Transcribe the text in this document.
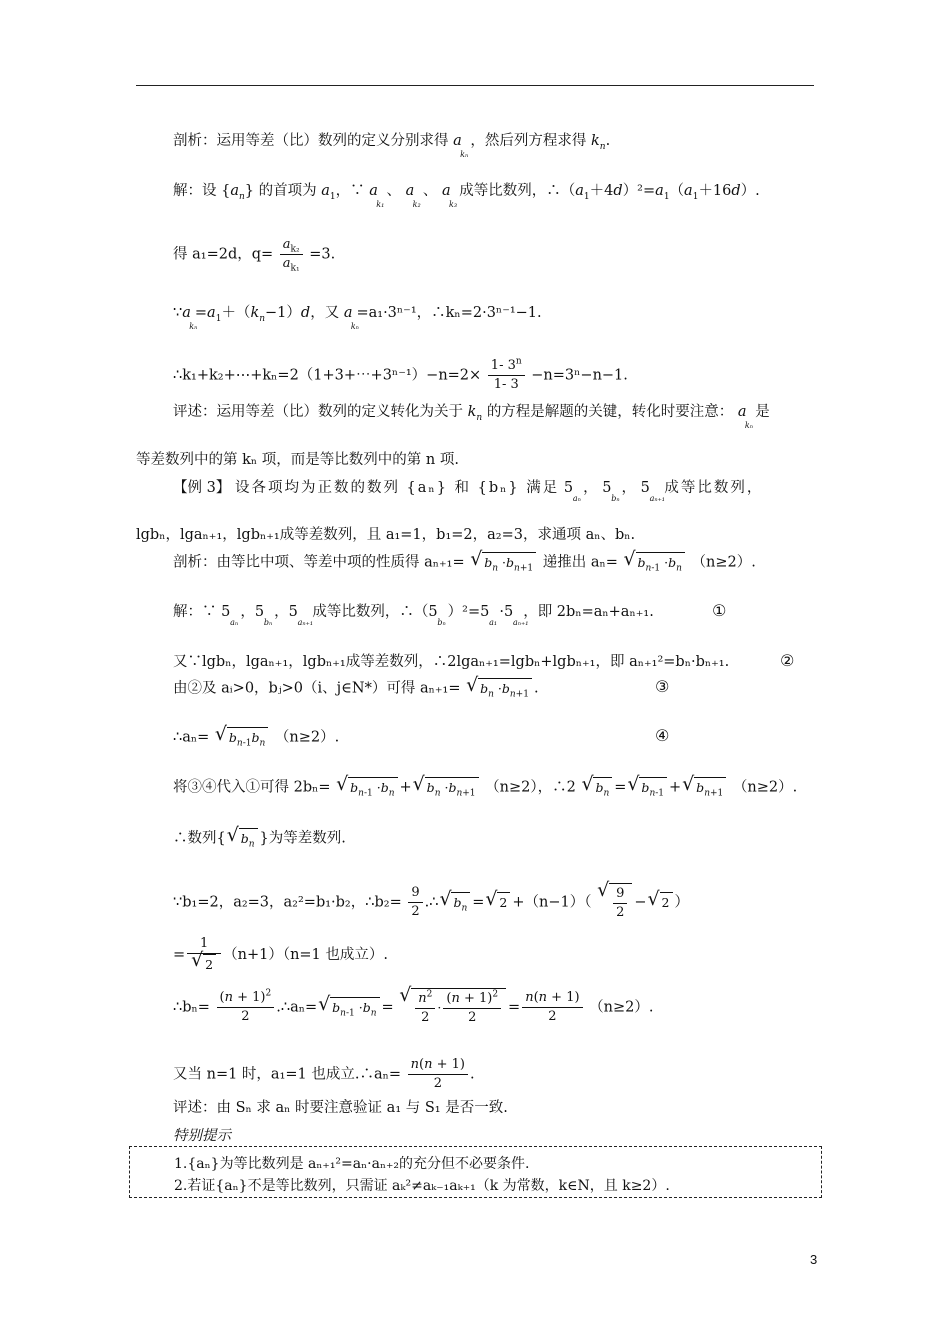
剖析：运用等差（比）数列的定义分别求得 a
kₙ
，然后列方程求得 $k_n$.
解：设 $\{a_n\}$ 的首项为 $a_1$，∵ a
k₁
、 a
k₂
、 a
k₃
成等比数列，$\therefore(a_1+4d)^2=a_1(a_1+16d)$.
得 a₁=2d，$q= \frac{a_{k_2}}{a_{k_1}} =3$.
∵a
kₙ
$=a_1+(k_n-1)d$，又 a
kₙ
=a₁·3ⁿ⁻¹，∴kₙ=2·3ⁿ⁻¹−1.
∴k₁+k₂+⋯+kₙ=2（1+3+⋯+3ⁿ⁻¹）−n=2× $\frac{1- 3^n}{1- 3} -n=3^n-n-1$.
评述：运用等差（比）数列的定义转化为关于 $k_n$ 的方程是解题的关键，转化时要注意： a
kₙ
是
等差数列中的第 kₙ 项，而是等比数列中的第 n 项.
【例 3】 设各项均为正数的数列 {aₙ} 和 {bₙ} 满足 5
aₙ
， 5
bₙ
， 5
aₙ₊₁
成等比数列，
lgbₙ，lgaₙ₊₁，lgbₙ₊₁成等差数列，且 a₁=1，b₁=2，a₂=3，求通项 aₙ、bₙ.
剖析：由等比中项、等差中项的性质得 aₙ₊₁= √ $b_n \cdot b_{n+1}$ 递推出 aₙ= √ $b_{n-1} \cdot b_n$ （n≥2）.
解：∵ 5
aₙ
，5
bₙ
，5
aₙ₊₁
成等比数列，∴（5
bₙ
）²=5
a₁
·5
aₙ₊₁
，即 2bₙ=aₙ+aₙ₊₁.	①
又∵lgbₙ，lgaₙ₊₁，lgbₙ₊₁成等差数列，∴2lgaₙ₊₁=lgbₙ+lgbₙ₊₁，即 aₙ₊₁²=bₙ·bₙ₊₁.	②
由②及 aᵢ>0，bⱼ>0（i、j∈N*）可得 aₙ₊₁= √ $b_n \cdot b_{n+1}$ .	③
∴aₙ= √ $b_{n-1}b_n$ （n≥2）.	④
将③④代入①可得 2bₙ= √ $b_{n-1} \cdot b_n$ + √ $b_n \cdot b_{n+1}$ （n≥2），∴2 √ $b_n$ = √ $b_{n-1}$ + √ $b_{n+1}$ （n≥2）.
∴数列{ √ $b_n$ }为等差数列.
∵b₁=2，a₂=3，a₂²=b₁·b₂，∴b₂= $\frac{9}{2}$ .∴ √ $b_n$ = √ 2 +（n−1）（ √ $\frac{9}{2}$ − √ 2 ）
= 1
√ 2 （n+1）（n=1 也成立）.
∴bₙ= $\frac{(n + 1)^2}{2}$ .∴aₙ= √ $b_{n-1} \cdot b_n$ = √ $\frac{n^2}{2} \cdot \frac{(n + 1)^2}{2} = \frac{n(n + 1)}{2} (n\ge 2)$.
又当 n=1 时，a₁=1 也成立.∴aₙ= $\frac{n(n + 1)}{2}$ .
评述：由 Sₙ 求 aₙ 时要注意验证 a₁ 与 S₁ 是否一致.
特别提示
1.{aₙ}为等比数列是 aₙ₊₁²=aₙ·aₙ₊₂的充分但不必要条件.
2.若证{aₙ}不是等比数列，只需证 aₖ²≠aₖ₋₁aₖ₊₁（k 为常数，k∈N，且 k≥2）.
3
